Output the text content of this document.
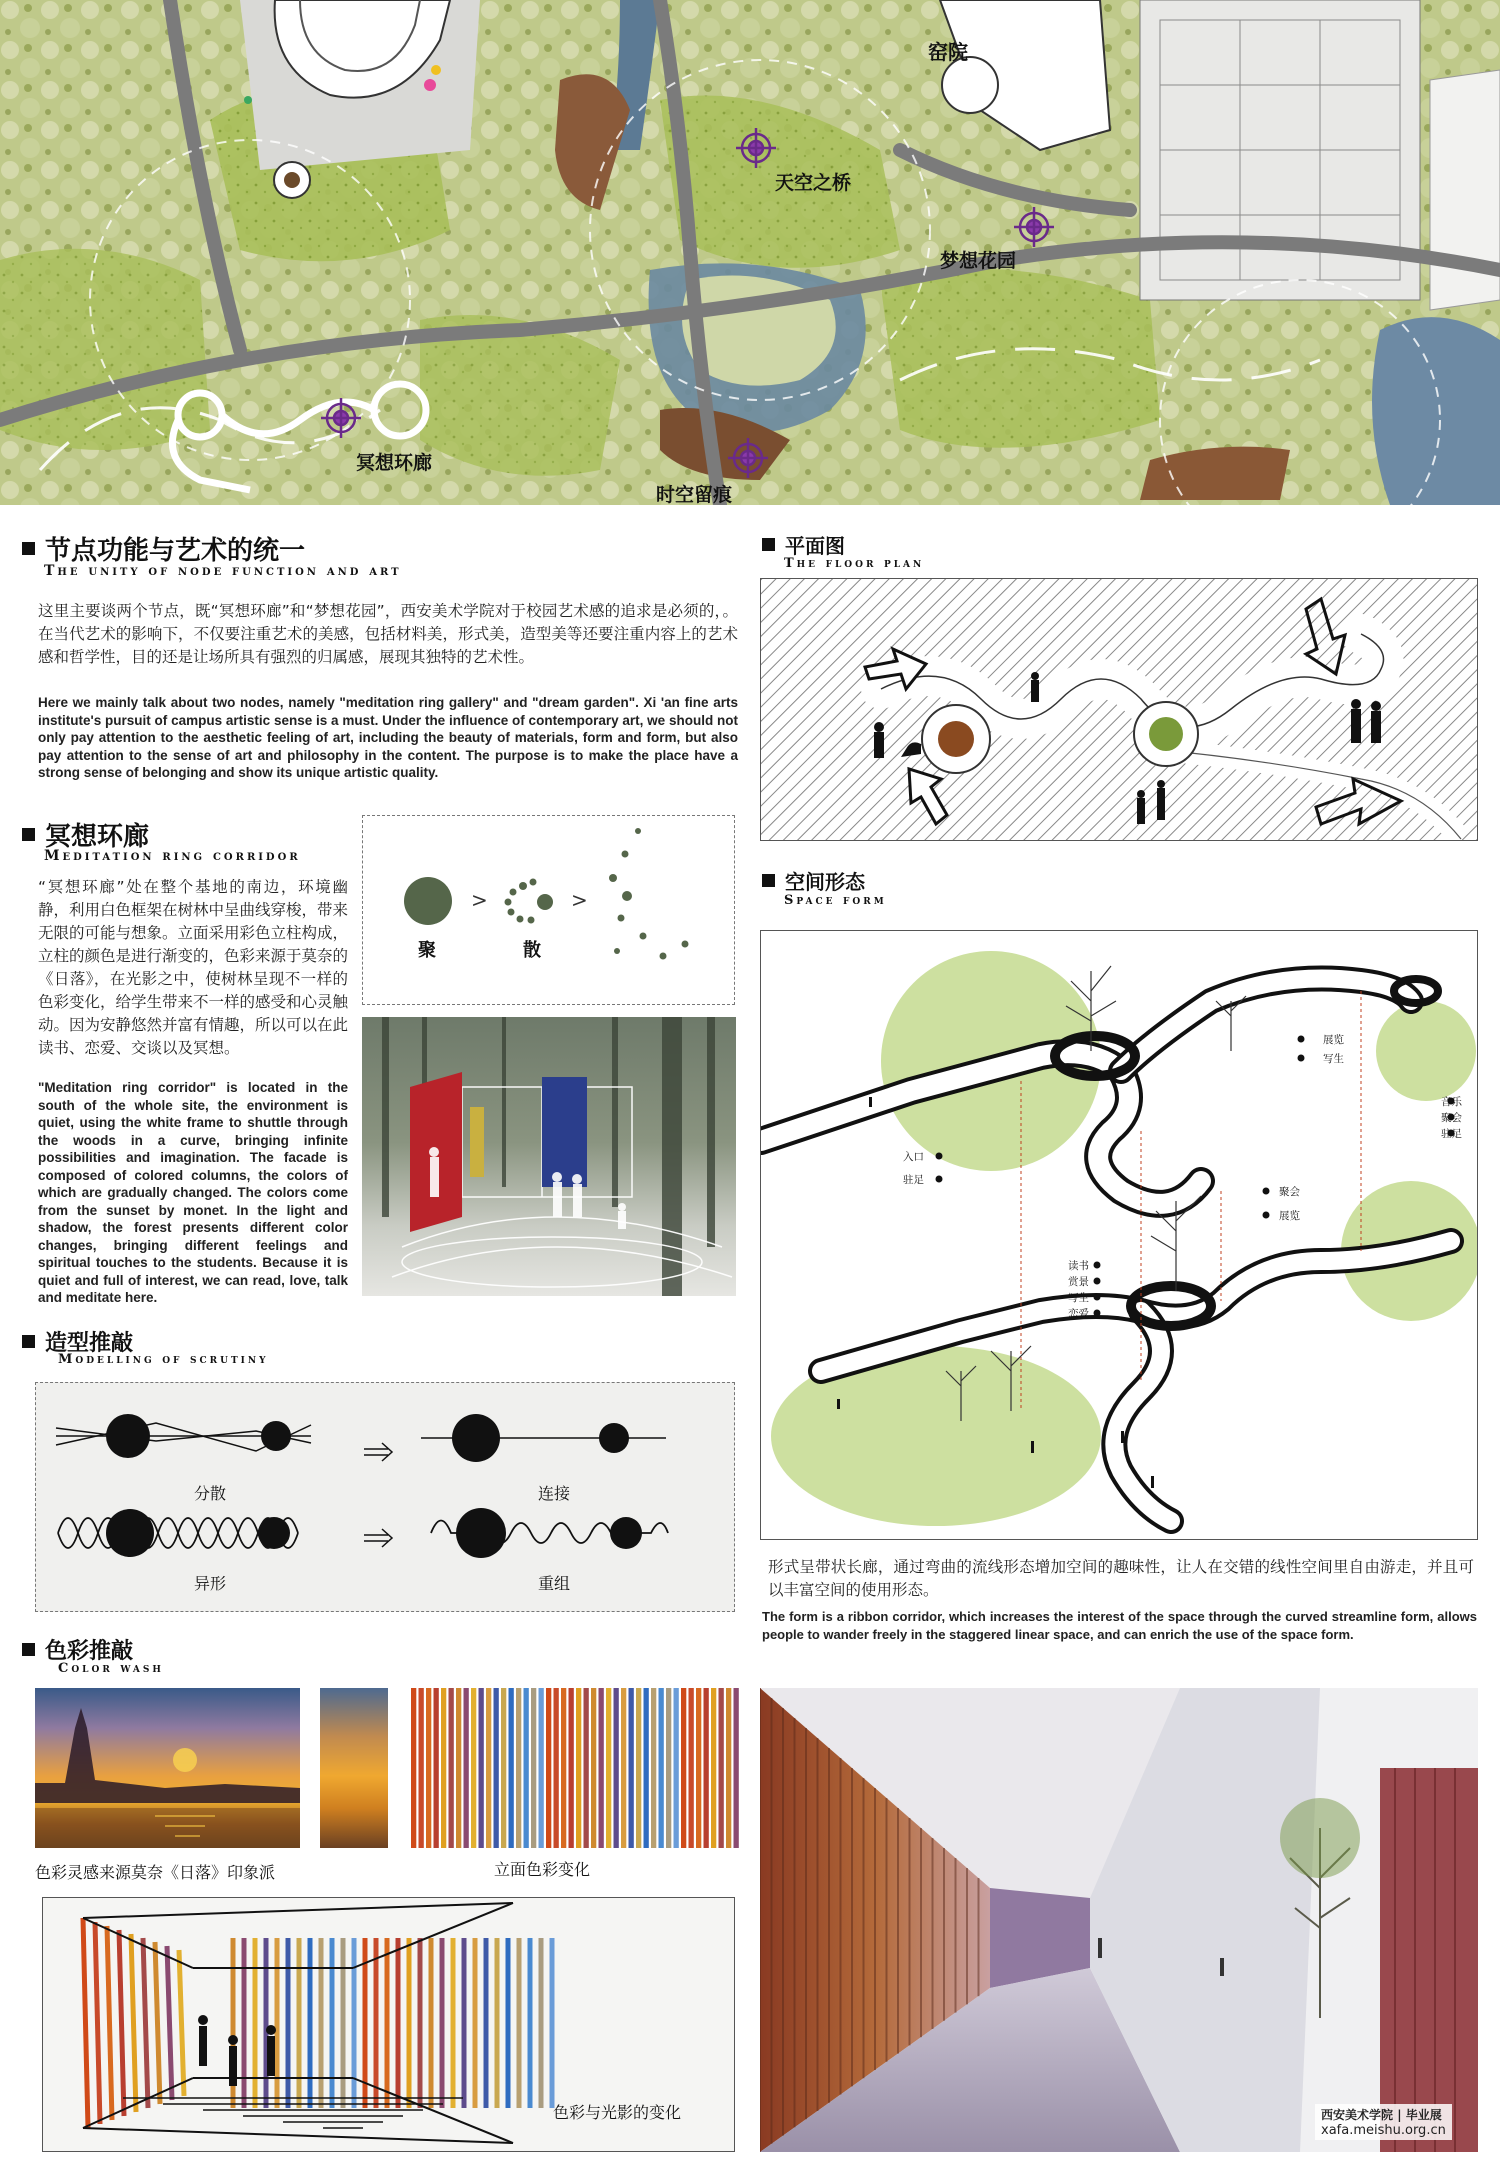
窑院
天空之桥
梦想花园
冥想环廊
时空留痕
节点功能与艺术的统一
The unity of node function and art
这里主要谈两个节点，既“冥想环廊”和“梦想花园”，西安美术学院对于校园艺术感的追求是必须的，。在当代艺术的影响下，不仅要注重艺术的美感，包括材料美，形式美，造型美等还要注重内容上的艺术感和哲学性，目的还是让场所具有强烈的归属感，展现其独特的艺术性。
Here we mainly talk about two nodes, namely "meditation ring gallery" and "dream garden". Xi 'an fine arts institute's pursuit of campus artistic sense is a must. Under the influence of contemporary art, we should not only pay attention to the aesthetic feeling of art, including the beauty of materials, form and form, but also pay attention to the sense of art and philosophy in the content. The purpose is to make the place have a strong sense of belonging and show its unique artistic quality.
冥想环廊
Meditation ring corridor
“冥想环廊”处在整个基地的南边，环境幽静，利用白色框架在树林中呈曲线穿梭，带来无限的可能与想象。立面采用彩色立柱构成，立柱的颜色是进行渐变的，色彩来源于莫奈的《日落》，在光影之中，使树林呈现不一样的色彩变化，给学生带来不一样的感受和心灵触动。因为安静悠然并富有情趣，所以可以在此读书、恋爱、交谈以及冥想。
"Meditation ring corridor" is located in the south of the whole site, the environment is quiet, using the white frame to shuttle through the woods in a curve, bringing infinite possibilities and imagination. The facade is composed of colored columns, the colors of which are gradually changed. The colors come from the sunset by monet. In the light and shadow, the forest presents different color changes, bringing different feelings and spiritual touches to the students. Because it is quiet and full of interest, we can read, love, talk and meditate here.
>	>
聚	散
造型推敲
Modelling of scrutiny
分散	连接
异形	重组
色彩推敲
Color wash
色彩灵感来源莫奈《日落》印象派	立面色彩变化
色彩与光影的变化
平面图
The floor plan
空间形态
Space form
展览
写生
音乐
聚会
驻足
入口
驻足
聚会
展览
读书
赏景
写生
恋爱
形式呈带状长廊，通过弯曲的流线形态增加空间的趣味性，让人在交错的线性空间里自由游走，并且可以丰富空间的使用形态。
The form is a ribbon corridor, which increases the interest of the space through the curved streamline form, allows people to wander freely in the staggered linear space, and can enrich the use of the space form.
西安美术学院 | 毕业展
xafa.meishu.org.cn
